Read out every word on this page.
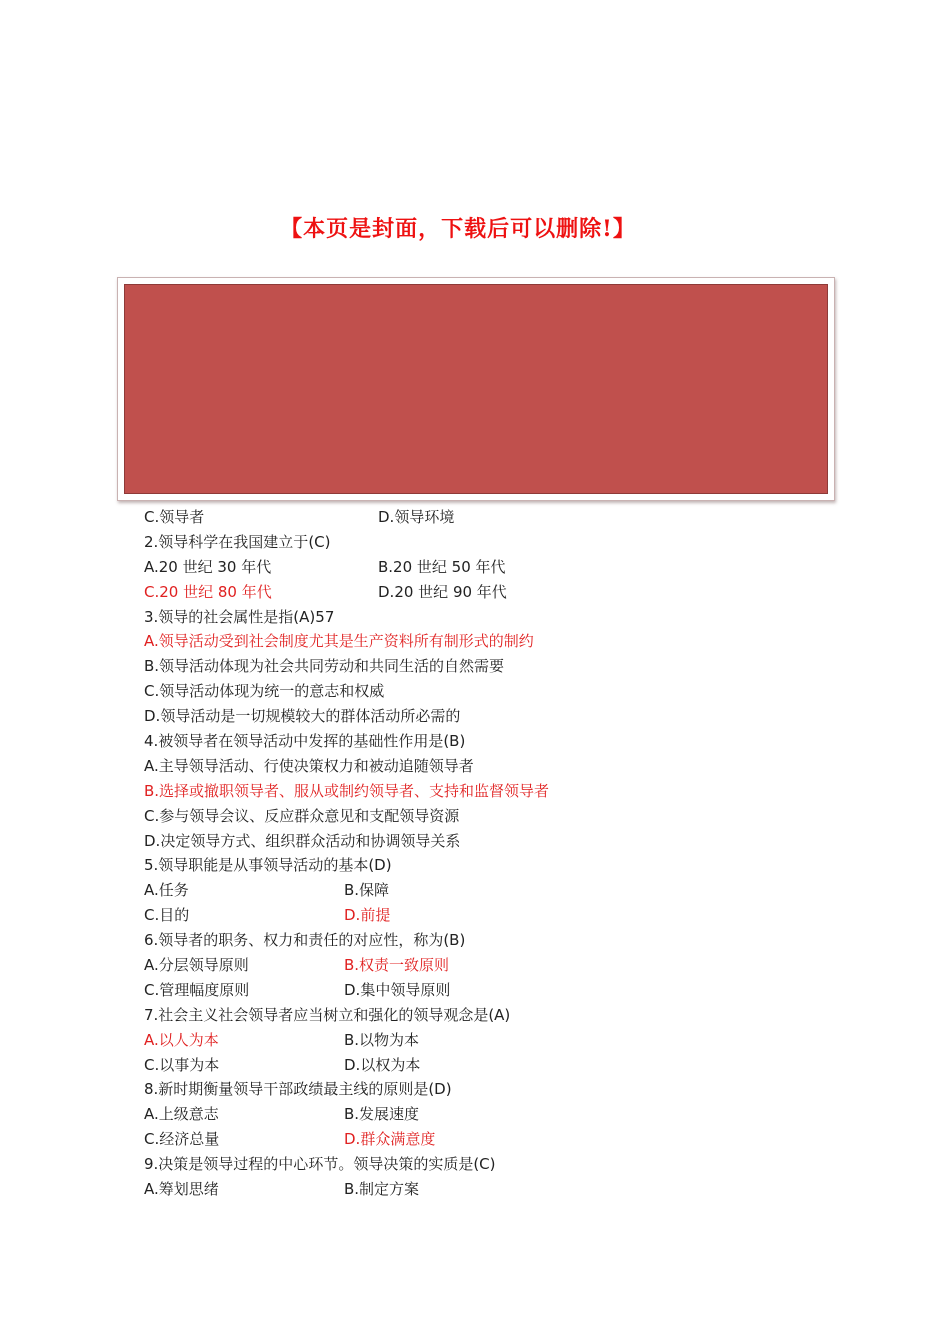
【本页是封面，下载后可以删除!】
C.领导者	D.领导环境
2.领导科学在我国建立于(C)
A.20 世纪 30 年代	B.20 世纪 50 年代
C.20 世纪 80 年代	D.20 世纪 90 年代
3.领导的社会属性是指(A)57
A.领导活动受到社会制度尤其是生产资料所有制形式的制约
B.领导活动体现为社会共同劳动和共同生活的自然需要
C.领导活动体现为统一的意志和权威
D.领导活动是一切规模较大的群体活动所必需的
4.被领导者在领导活动中发挥的基础性作用是(B)
A.主导领导活动、行使决策权力和被动追随领导者
B.选择或撤职领导者、服从或制约领导者、支持和监督领导者
C.参与领导会议、反应群众意见和支配领导资源
D.决定领导方式、组织群众活动和协调领导关系
5.领导职能是从事领导活动的基本(D)
A.任务	B.保障
C.目的	D.前提
6.领导者的职务、权力和责任的对应性，称为(B)
A.分层领导原则	B.权责一致原则
C.管理幅度原则	D.集中领导原则
7.社会主义社会领导者应当树立和强化的领导观念是(A)
A.以人为本	B.以物为本
C.以事为本	D.以权为本
8.新时期衡量领导干部政绩最主线的原则是(D)
A.上级意志	B.发展速度
C.经济总量	D.群众满意度
9.决策是领导过程的中心环节。领导决策的实质是(C)
A.筹划思绪	B.制定方案
